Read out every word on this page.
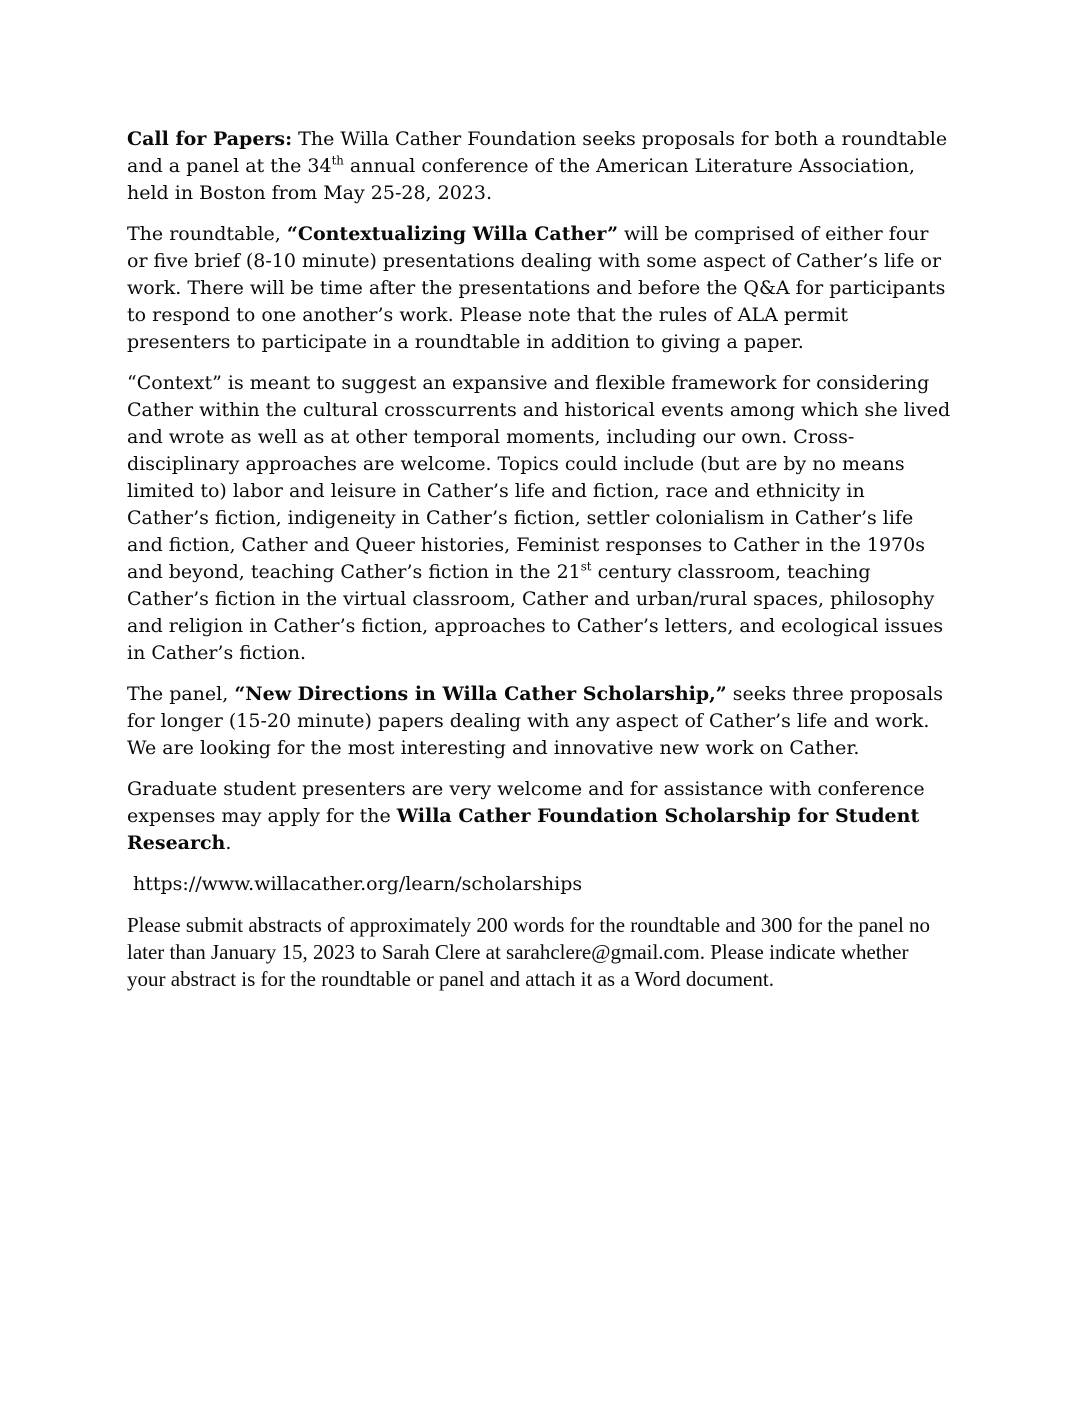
Call for Papers: The Willa Cather Foundation seeks proposals for both a roundtable and a panel at the 34th annual conference of the American Literature Association, held in Boston from May 25-28, 2023.

The roundtable, “Contextualizing Willa Cather” will be comprised of either four or five brief (8-10 minute) presentations dealing with some aspect of Cather’s life or work. There will be time after the presentations and before the Q&A for participants to respond to one another’s work. Please note that the rules of ALA permit presenters to participate in a roundtable in addition to giving a paper.

“Context” is meant to suggest an expansive and flexible framework for considering Cather within the cultural crosscurrents and historical events among which she lived and wrote as well as at other temporal moments, including our own. Cross-disciplinary approaches are welcome. Topics could include (but are by no means limited to) labor and leisure in Cather’s life and fiction, race and ethnicity in Cather’s fiction, indigeneity in Cather’s fiction, settler colonialism in Cather’s life and fiction, Cather and Queer histories, Feminist responses to Cather in the 1970s and beyond, teaching Cather’s fiction in the 21st century classroom, teaching Cather’s fiction in the virtual classroom, Cather and urban/rural spaces, philosophy and religion in Cather’s fiction, approaches to Cather’s letters, and ecological issues in Cather’s fiction.

The panel, “New Directions in Willa Cather Scholarship,” seeks three proposals for longer (15-20 minute) papers dealing with any aspect of Cather’s life and work. We are looking for the most interesting and innovative new work on Cather.

Graduate student presenters are very welcome and for assistance with conference expenses may apply for the Willa Cather Foundation Scholarship for Student Research.

https://www.willacather.org/learn/scholarships

Please submit abstracts of approximately 200 words for the roundtable and 300 for the panel no later than January 15, 2023 to Sarah Clere at sarahclere@gmail.com. Please indicate whether your abstract is for the roundtable or panel and attach it as a Word document.
